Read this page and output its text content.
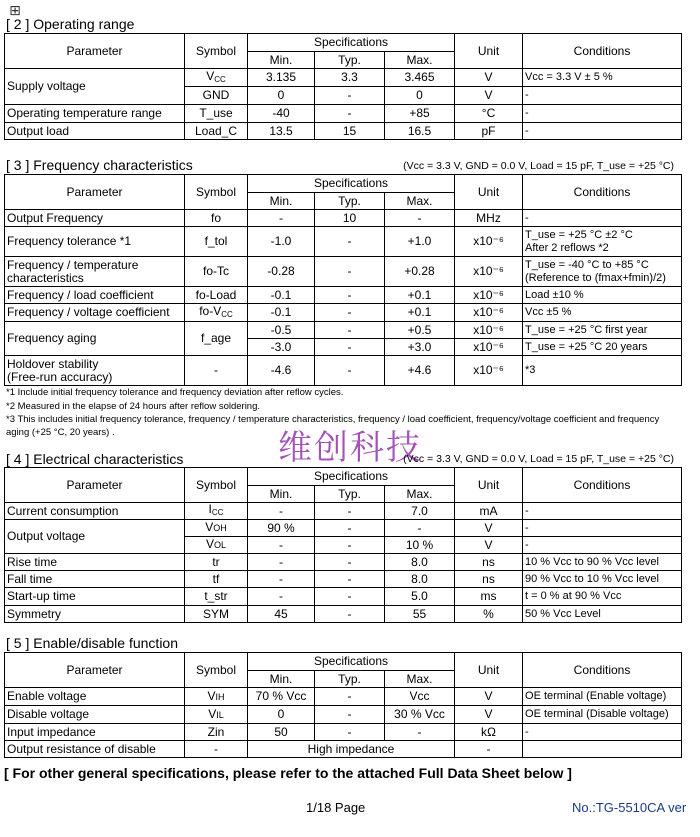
⊞
[ 2 ] Operating range
Parameter	Symbol	Specifications			Unit	Conditions
		Min.	Typ.	Max.		
Supply voltage	$V_{CC}$	3.135	3.3	3.465	V	Vcc = 3.3 V ± 5 %
	GND	0	-	0	V	-
Operating temperature range	T_use	-40	-	+85	°C	-
Output load	Load_C	13.5	15	16.5	pF	-
[ 3 ] Frequency characteristics	(Vcc = 3.3 V, GND = 0.0 V, Load = 15 pF, T_use = +25 °C)
Parameter	Symbol	Specifications			Unit	Conditions
		Min.	Typ.	Max.		
Output Frequency	fo	-	10	-	MHz	-
Frequency tolerance *1	f_tol	-1.0	-	+1.0	x10⁻⁶	T_use = +25 °C ±2 °C
After 2 reflows *2

Frequency / temperature characteristics	fo-Tc	-0.28	-	+0.28	x10⁻⁶	T_use = -40 °C to +85 °C
(Reference to (fmax+fmin)/2)

Frequency / load coefficient	fo-Load	-0.1	-	+0.1	x10⁻⁶	Load ±10 %
Frequency / voltage coefficient	$fo-V_{CC}$	-0.1	-	+0.1	x10⁻⁶	Vcc ±5 %
Frequency aging	f_age	-0.5	-	+0.5	x10⁻⁶	T_use = +25 °C first year
		-3.0	-	+3.0	x10⁻⁶	T_use = +25 °C 20 years

Holdover stability
(Free-run accuracy)	-	-4.6	-	+4.6	x10⁻⁶	*3
*1 Include initial frequency tolerance and frequency deviation after reflow cycles.
*2 Measured in the elapse of 24 hours after reflow soldering.
*3 This includes initial frequency tolerance, frequency / temperature characteristics, frequency / load coefficient, frequency/voltage coefficient and frequency aging (+25 °C, 20 years) .	维创科技
[ 4 ] Electrical characteristics	(Vcc = 3.3 V, GND = 0.0 V, Load = 15 pF, T_use = +25 °C)
Parameter	Symbol	Specifications			Unit	Conditions
		Min.	Typ.	Max.		
Current consumption	$I_{CC}$	-	-	7.0	mA	-
Output voltage	VOH	90 %	-	-	V	-
	VOL	-	-	10 %	V	-
Rise time	tr	-	-	8.0	ns	10 % Vcc to 90 % Vcc level
Fall time	tf	-	-	8.0	ns	90 % Vcc to 10 % Vcc level
Start-up time	t_str	-	-	5.0	ms	t = 0 % at 90 % Vcc
Symmetry	SYM	45	-	55	%	50 % Vcc Level
[ 5 ] Enable/disable function
Parameter	Symbol	Specifications			Unit	Conditions
		Min.	Typ.	Max.		
Enable voltage	VIH	70 % Vcc	-	Vcc	V	OE terminal (Enable voltage)
Disable voltage	VIL	0	-	30 % Vcc	V	OE terminal (Disable voltage)
Input impedance	Zin	50	-	-	kΩ	-
Output resistance of disable	-	High impedance			-	
[ For other general specifications, please refer to the attached Full Data Sheet below ]
1/18 Page	No.:TG-5510CA ver
